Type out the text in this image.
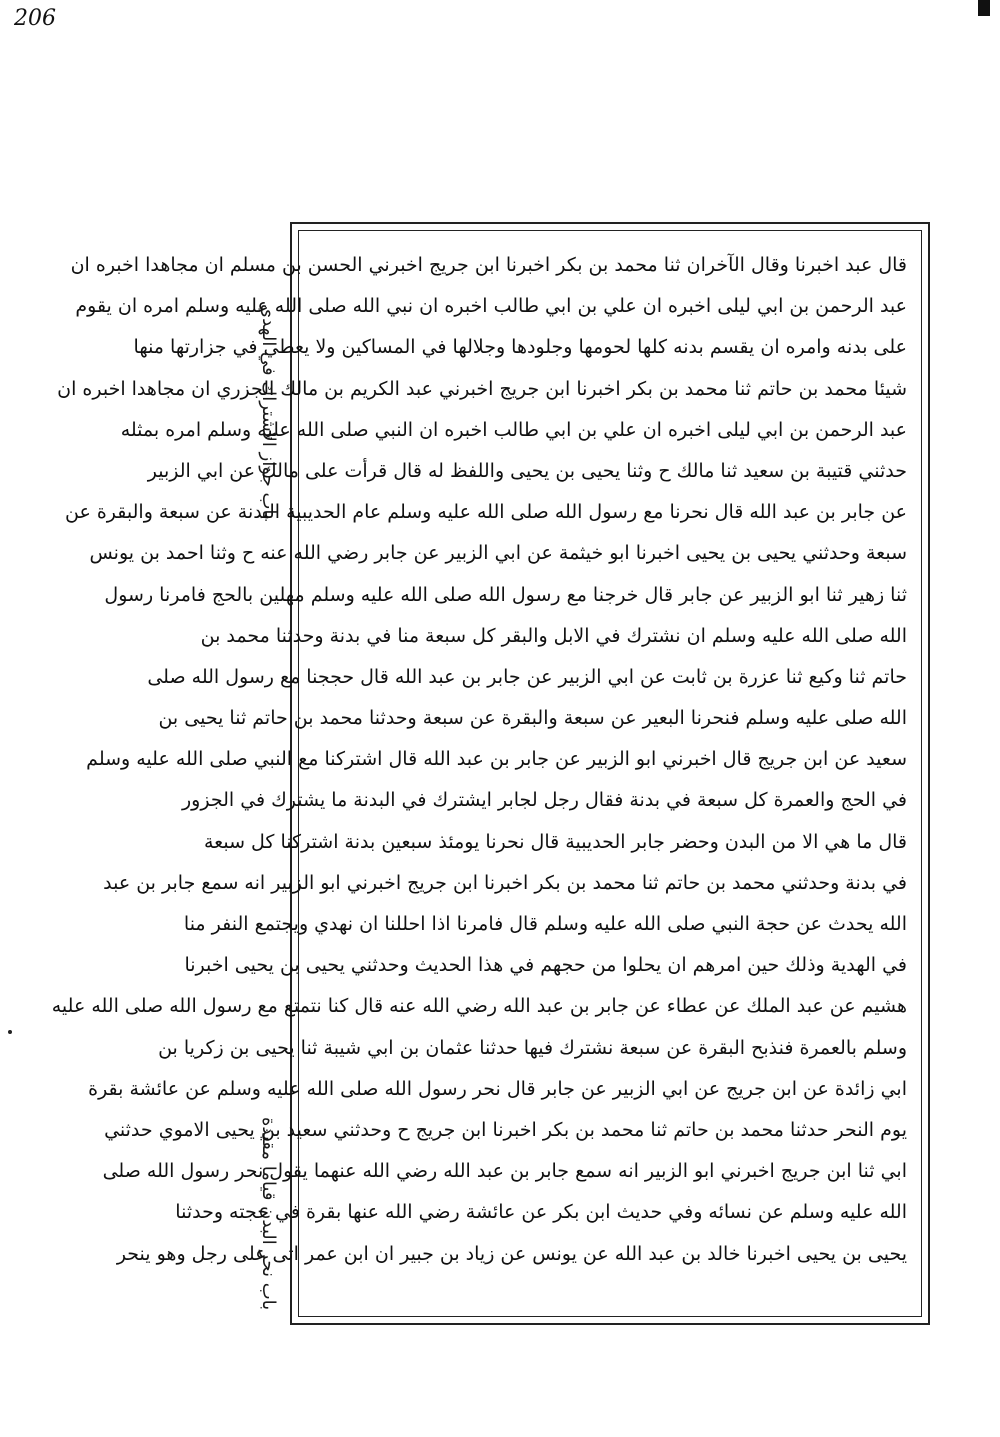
206
باب جواز الاشتراك في الهدي
باب نحر البدن قياما مقيدة
قال عبد اخبرنا وقال الآخران ثنا محمد بن بكر اخبرنا ابن جريج اخبرني الحسن بن مسلم ان مجاهدا اخبره ان
عبد الرحمن بن ابي ليلى اخبره ان علي بن ابي طالب اخبره ان نبي الله صلى الله عليه وسلم امره ان يقوم
على بدنه وامره ان يقسم بدنه كلها لحومها وجلودها وجلالها في المساكين ولا يعطي في جزارتها منها
شيئا محمد بن حاتم ثنا محمد بن بكر اخبرنا ابن جريج اخبرني عبد الكريم بن مالك الجزري ان مجاهدا اخبره ان
عبد الرحمن بن ابي ليلى اخبره ان علي بن ابي طالب اخبره ان النبي صلى الله عليه وسلم امره بمثله
حدثني قتيبة بن سعيد ثنا مالك ح وثنا يحيى بن يحيى واللفظ له قال قرأت على مالك عن ابي الزبير
عن جابر بن عبد الله قال نحرنا مع رسول الله صلى الله عليه وسلم عام الحديبية البدنة عن سبعة والبقرة عن
سبعة وحدثني يحيى بن يحيى اخبرنا ابو خيثمة عن ابي الزبير عن جابر رضي الله عنه ح وثنا احمد بن يونس
ثنا زهير ثنا ابو الزبير عن جابر قال خرجنا مع رسول الله صلى الله عليه وسلم مهلين بالحج فامرنا رسول
الله صلى الله عليه وسلم ان نشترك في الابل والبقر كل سبعة منا في بدنة وحدثنا محمد بن
حاتم ثنا وكيع ثنا عزرة بن ثابت عن ابي الزبير عن جابر بن عبد الله قال حججنا مع رسول الله صلى
الله صلى عليه وسلم فنحرنا البعير عن سبعة والبقرة عن سبعة وحدثنا محمد بن حاتم ثنا يحيى بن
سعيد عن ابن جريج قال اخبرني ابو الزبير عن جابر بن عبد الله قال اشتركنا مع النبي صلى الله عليه وسلم
في الحج والعمرة كل سبعة في بدنة فقال رجل لجابر ايشترك في البدنة ما يشترك في الجزور
قال ما هي الا من البدن وحضر جابر الحديبية قال نحرنا يومئذ سبعين بدنة اشتركنا كل سبعة
في بدنة وحدثني محمد بن حاتم ثنا محمد بن بكر اخبرنا ابن جريج اخبرني ابو الزبير انه سمع جابر بن عبد
الله يحدث عن حجة النبي صلى الله عليه وسلم قال فامرنا اذا احللنا ان نهدي ويجتمع النفر منا
في الهدية وذلك حين امرهم ان يحلوا من حجهم في هذا الحديث وحدثني يحيى بن يحيى اخبرنا
هشيم عن عبد الملك عن عطاء عن جابر بن عبد الله رضي الله عنه قال كنا نتمتع مع رسول الله صلى الله عليه
وسلم بالعمرة فنذبح البقرة عن سبعة نشترك فيها حدثنا عثمان بن ابي شيبة ثنا يحيى بن زكريا بن
ابي زائدة عن ابن جريج عن ابي الزبير عن جابر قال نحر رسول الله صلى الله عليه وسلم عن عائشة بقرة
يوم النحر حدثنا محمد بن حاتم ثنا محمد بن بكر اخبرنا ابن جريج ح وحدثني سعيد بن يحيى الاموي حدثني
ابي ثنا ابن جريج اخبرني ابو الزبير انه سمع جابر بن عبد الله رضي الله عنهما يقول نحر رسول الله صلى
الله عليه وسلم عن نسائه وفي حديث ابن بكر عن عائشة رضي الله عنها بقرة في حجته وحدثنا
يحيى بن يحيى اخبرنا خالد بن عبد الله عن يونس عن زياد بن جبير ان ابن عمر اتى على رجل وهو ينحر
